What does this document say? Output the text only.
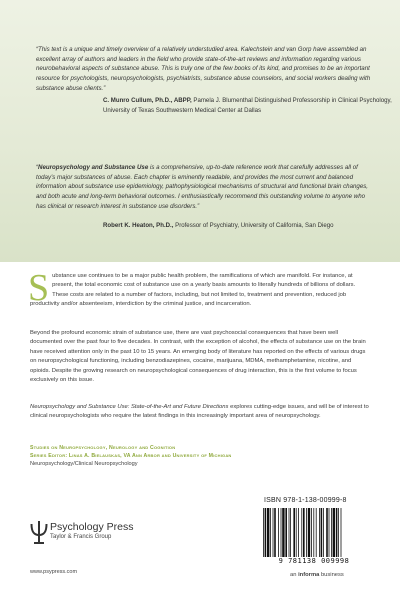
“This text is a unique and timely overview of a relatively understudied area. Kalechstein and van Gorp have assembled an excellent array of authors and leaders in the field who provide state-of-the-art reviews and information regarding various neurobehavioral aspects of substance abuse. This is truly one of the few books of its kind, and promises to be an important resource for psychologists, neuropsychologists, psychiatrists, substance abuse counselors, and social workers dealing with substance abuse clients.”

C. Munro Cullum, Ph.D., ABPP, Pamela J. Blumenthal Distinguished Professorship in Clinical Psychology, University of Texas Southwestern Medical Center at Dallas

“Neuropsychology and Substance Use is a comprehensive, up-to-date reference work that carefully addresses all of today’s major substances of abuse. Each chapter is eminently readable, and provides the most current and balanced information about substance use epidemiology, pathophysiological mechanisms of structural and functional brain changes, and both acute and long-term behavioral outcomes. I enthusiastically recommend this outstanding volume to anyone who has clinical or research interest in substance use disorders.”

Robert K. Heaton, Ph.D., Professor of Psychiatry, University of California, San Diego

Substance use continues to be a major public health problem, the ramifications of which are manifold. For instance, at present, the total economic cost of substance use on a yearly basis amounts to literally hundreds of billions of dollars. These costs are related to a number of factors, including, but not limited to, treatment and prevention, reduced job productivity and/or absenteeism, interdiction by the criminal justice, and incarceration.

Beyond the profound economic strain of substance use, there are vast psychosocial consequences that have been well documented over the past four to five decades. In contrast, with the exception of alcohol, the effects of substance use on the brain have received attention only in the past 10 to 15 years. An emerging body of literature has reported on the effects of various drugs on neuropsychological functioning, including benzodiazepines, cocaine, marijuana, MDMA, methamphetamine, nicotine, and opioids. Despite the growing research on neuropsychological consequences of drug interaction, this is the first volume to focus exclusively on this issue.

Neuropsychology and Substance Use: State-of-the-Art and Future Directions explores cutting-edge issues, and will be of interest to clinical neuropsychologists who require the latest findings in this increasingly important area of neuropsychology.

Studies on Neuropsychology, Neurology and Cognition
Series Editor: Linas A. Bielauskas, VA Ann Arbor and University of Michigan

Neuropsychology/Clinical Neuropsychology

Psychology Press
Taylor & Francis Group
www.psypress.com
ISBN 978-1-138-00999-8
9 781138 009998
an informa business
